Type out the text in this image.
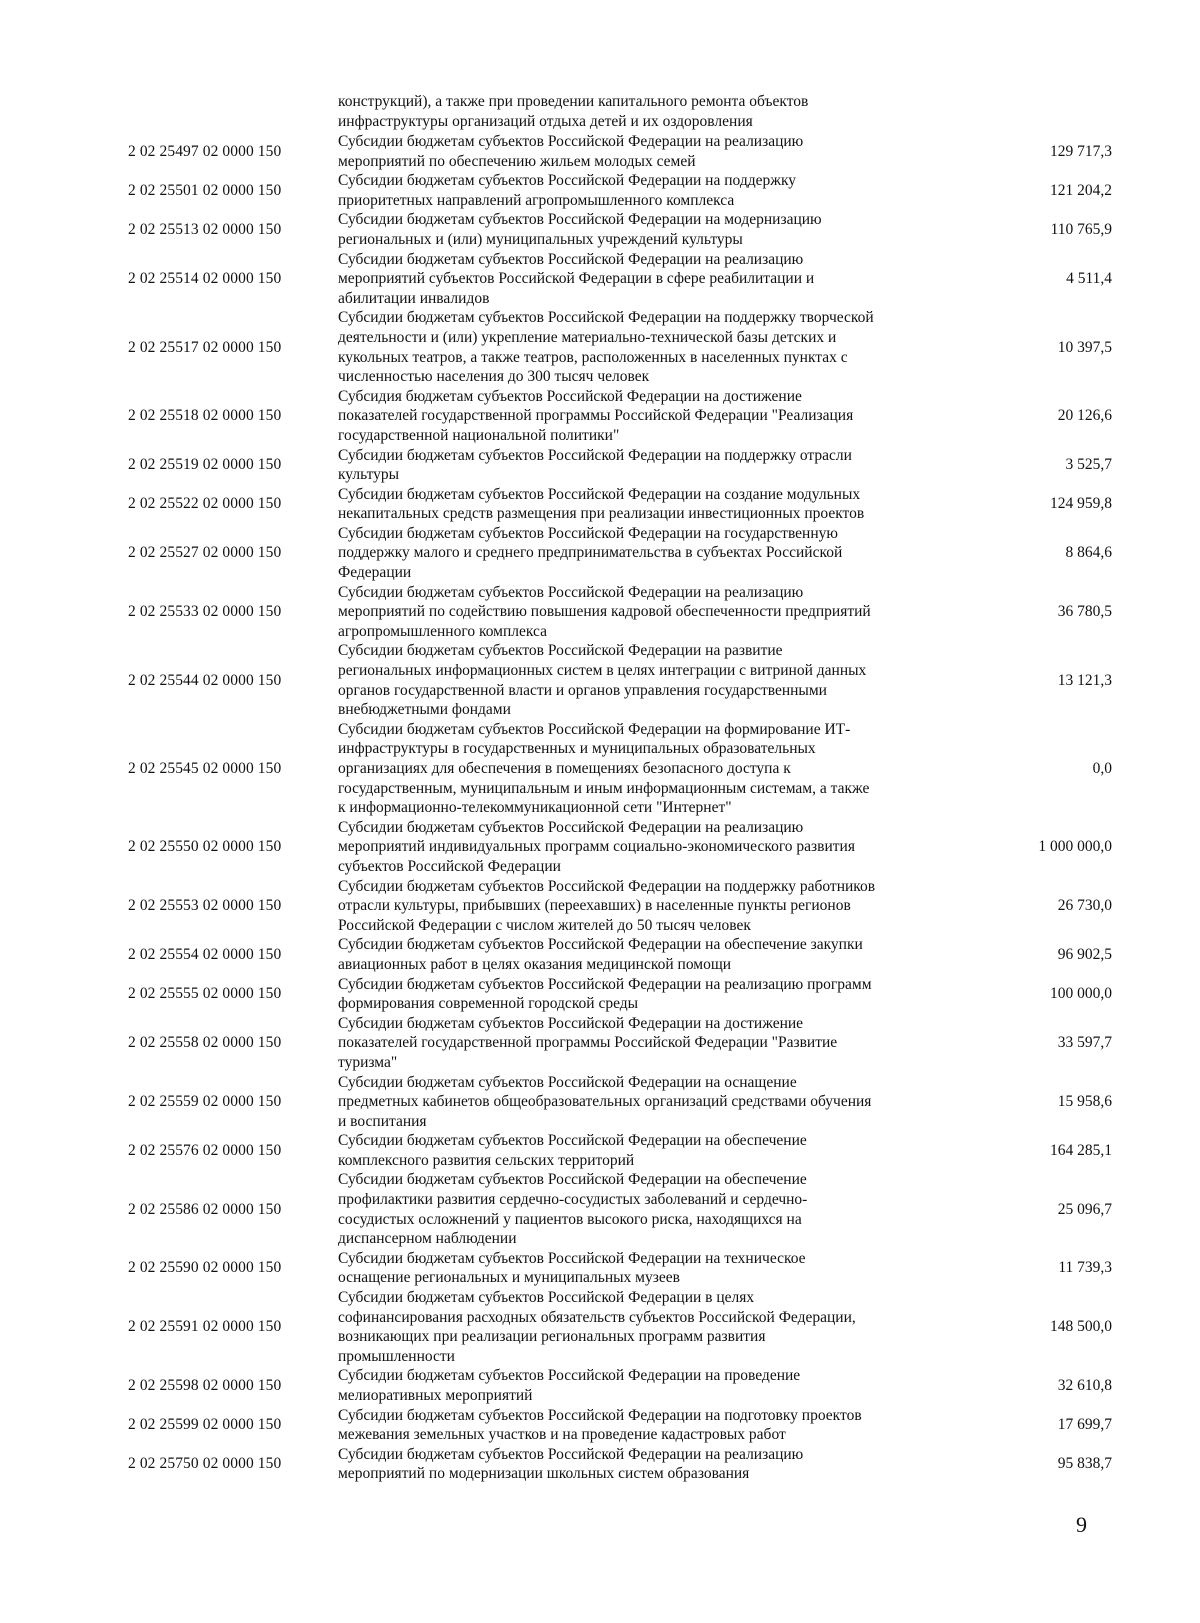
конструкций), а также при проведении капитального ремонта объектов
инфраструктуры организаций отдыха детей и их оздоровления
2 02 25497 02 0000 150
Субсидии бюджетам субъектов Российской Федерации на реализацию
мероприятий по обеспечению жильем молодых семей
129 717,3
2 02 25501 02 0000 150
Субсидии бюджетам субъектов Российской Федерации на поддержку
приоритетных направлений агропромышленного комплекса
121 204,2
2 02 25513 02 0000 150
Субсидии бюджетам субъектов Российской Федерации на модернизацию
региональных и (или) муниципальных учреждений культуры
110 765,9
2 02 25514 02 0000 150
Субсидии бюджетам субъектов Российской Федерации на реализацию
мероприятий субъектов Российской Федерации в сфере реабилитации и
абилитации инвалидов
4 511,4
2 02 25517 02 0000 150
Субсидии бюджетам субъектов Российской Федерации на поддержку творческой
деятельности и (или) укрепление материально-технической базы детских и
кукольных театров, а также театров, расположенных в населенных пунктах с
численностью населения до 300 тысяч человек
10 397,5
2 02 25518 02 0000 150
Субсидия бюджетам субъектов Российской Федерации на достижение
показателей государственной программы Российской Федерации "Реализация
государственной национальной политики"
20 126,6
2 02 25519 02 0000 150
Субсидии бюджетам субъектов Российской Федерации на поддержку отрасли
культуры
3 525,7
2 02 25522 02 0000 150
Субсидии бюджетам субъектов Российской Федерации на создание модульных
некапитальных средств размещения при реализации инвестиционных проектов
124 959,8
2 02 25527 02 0000 150
Субсидии бюджетам субъектов Российской Федерации на государственную
поддержку малого и среднего предпринимательства в субъектах Российской
Федерации
8 864,6
2 02 25533 02 0000 150
Субсидии бюджетам субъектов Российской Федерации на реализацию
мероприятий по содействию повышения кадровой обеспеченности предприятий
агропромышленного комплекса
36 780,5
2 02 25544 02 0000 150
Субсидии бюджетам субъектов Российской Федерации на развитие
региональных информационных систем в целях интеграции с витриной данных
органов государственной власти и органов управления государственными
внебюджетными фондами
13 121,3
2 02 25545 02 0000 150
Субсидии бюджетам субъектов Российской Федерации на формирование ИТ-
инфраструктуры в государственных и муниципальных образовательных
организациях для обеспечения в помещениях безопасного доступа к
государственным, муниципальным и иным информационным системам, а также
к информационно-телекоммуникационной сети "Интернет"
0,0
2 02 25550 02 0000 150
Субсидии бюджетам субъектов Российской Федерации на реализацию
мероприятий индивидуальных программ социально-экономического развития
субъектов Российской Федерации
1 000 000,0
2 02 25553 02 0000 150
Субсидии бюджетам субъектов Российской Федерации на поддержку работников
отрасли культуры, прибывших (переехавших) в населенные пункты регионов
Российской Федерации с числом жителей до 50 тысяч человек
26 730,0
2 02 25554 02 0000 150
Субсидии бюджетам субъектов Российской Федерации на обеспечение закупки
авиационных работ в целях оказания медицинской помощи
96 902,5
2 02 25555 02 0000 150
Субсидии бюджетам субъектов Российской Федерации на реализацию программ
формирования современной городской среды
100 000,0
2 02 25558 02 0000 150
Субсидии бюджетам субъектов Российской Федерации на достижение
показателей государственной программы Российской Федерации "Развитие
туризма"
33 597,7
2 02 25559 02 0000 150
Субсидии бюджетам субъектов Российской Федерации на оснащение
предметных кабинетов общеобразовательных организаций средствами обучения
и воспитания
15 958,6
2 02 25576 02 0000 150
Субсидии бюджетам субъектов Российской Федерации на обеспечение
комплексного развития сельских территорий
164 285,1
2 02 25586 02 0000 150
Субсидии бюджетам субъектов Российской Федерации на обеспечение
профилактики развития сердечно-сосудистых заболеваний и сердечно-
сосудистых осложнений у пациентов высокого риска, находящихся на
диспансерном наблюдении
25 096,7
2 02 25590 02 0000 150
Субсидии бюджетам субъектов Российской Федерации на техническое
оснащение региональных и муниципальных музеев
11 739,3
2 02 25591 02 0000 150
Субсидии бюджетам субъектов Российской Федерации в целях
софинансирования расходных обязательств субъектов Российской Федерации,
возникающих при реализации региональных программ развития
промышленности
148 500,0
2 02 25598 02 0000 150
Субсидии бюджетам субъектов Российской Федерации на проведение
мелиоративных мероприятий
32 610,8
2 02 25599 02 0000 150
Субсидии бюджетам субъектов Российской Федерации на подготовку проектов
межевания земельных участков и на проведение кадастровых работ
17 699,7
2 02 25750 02 0000 150
Субсидии бюджетам субъектов Российской Федерации на реализацию
мероприятий по модернизации школьных систем образования
95 838,7
9
